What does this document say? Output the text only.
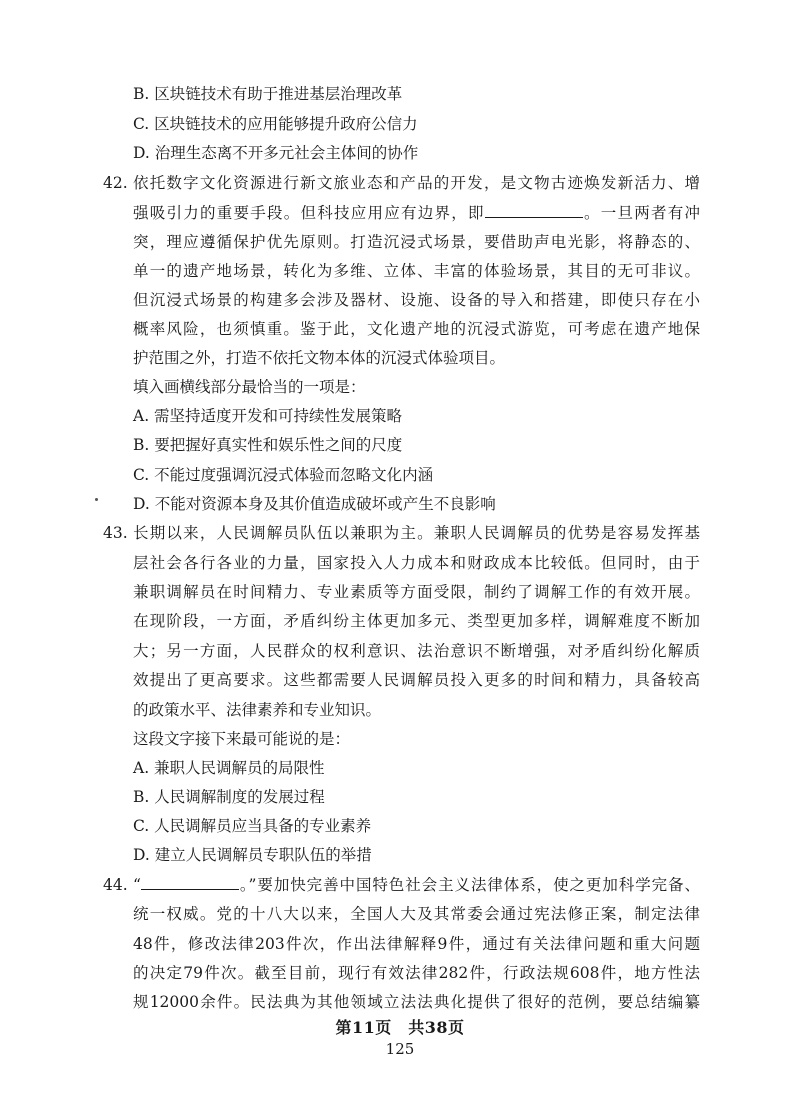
B. 区块链技术有助于推进基层治理改革
C. 区块链技术的应用能够提升政府公信力
D. 治理生态离不开多元社会主体间的协作
42. 依托数字文化资源进行新文旅业态和产品的开发，是文物古迹焕发新活力、增
强吸引力的重要手段。但科技应用应有边界，即	。一旦两者有冲
突，理应遵循保护优先原则。打造沉浸式场景，要借助声电光影，将静态的、
单一的遗产地场景，转化为多维、立体、丰富的体验场景，其目的无可非议。
但沉浸式场景的构建多会涉及器材、设施、设备的导入和搭建，即使只存在小
概率风险，也须慎重。鉴于此，文化遗产地的沉浸式游览，可考虑在遗产地保
护范围之外，打造不依托文物本体的沉浸式体验项目。
填入画横线部分最恰当的一项是：
A. 需坚持适度开发和可持续性发展策略
B. 要把握好真实性和娱乐性之间的尺度
C. 不能过度强调沉浸式体验而忽略文化内涵
D. 不能对资源本身及其价值造成破坏或产生不良影响
43. 长期以来，人民调解员队伍以兼职为主。兼职人民调解员的优势是容易发挥基
层社会各行各业的力量，国家投入人力成本和财政成本比较低。但同时，由于
兼职调解员在时间精力、专业素质等方面受限，制约了调解工作的有效开展。
在现阶段，一方面，矛盾纠纷主体更加多元、类型更加多样，调解难度不断加
大；另一方面，人民群众的权利意识、法治意识不断增强，对矛盾纠纷化解质
效提出了更高要求。这些都需要人民调解员投入更多的时间和精力，具备较高
的政策水平、法律素养和专业知识。
这段文字接下来最可能说的是：
A. 兼职人民调解员的局限性
B. 人民调解制度的发展过程
C. 人民调解员应当具备的专业素养
D. 建立人民调解员专职队伍的举措
44. “	。”要加快完善中国特色社会主义法律体系，使之更加科学完备、
统一权威。党的十八大以来，全国人大及其常委会通过宪法修正案，制定法律
48件，修改法律203件次，作出法律解释9件，通过有关法律问题和重大问题
的决定79件次。截至目前，现行有效法律282件，行政法规608件，地方性法
规12000余件。民法典为其他领域立法法典化提供了很好的范例，要总结编纂
第11页　共38页
125
